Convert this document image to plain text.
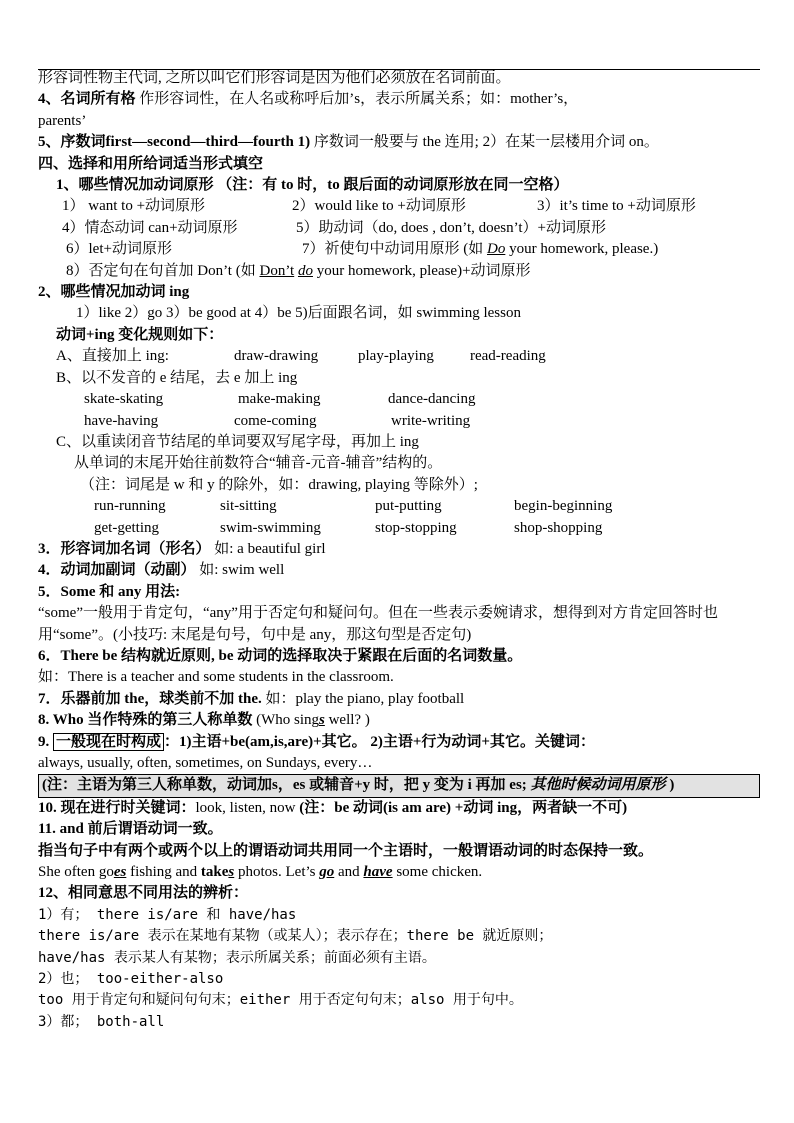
形容词性物主代词, 之所以叫它们形容词是因为他们必须放在名词前面。
4、名词所有格 作形容词性，在人名或称呼后加’s，表示所属关系；如：mother’s，
parents’
5、序数词first—second—third—fourth 1) 序数词一般要与 the 连用; 2）在某一层楼用介词 on。
四、选择和用所给词适当形式填空
1、哪些情况加动词原形 （注：有 to 时，to 跟后面的动词原形放在同一空格）
1） want to +动词原形	2）would like to +动词原形	3）it’s time to +动词原形
4）情态动词 can+动词原形	5）助动词（do, does , don’t, doesn’t）+动词原形
6）let+动词原形	7）祈使句中动词用原形 (如 Do your homework, please.)
8）否定句在句首加 Don’t (如 Don’t do your homework, please)+动词原形
2、哪些情况加动词 ing
1）like 2）go 3）be good at 4）be 5)后面跟名词，如 swimming lesson
动词+ing 变化规则如下：
A、直接加上 ing:	draw-drawing	play-playing read-reading
B、以不发音的 e 结尾，去 e 加上 ing
skate-skating	make-making	dance-dancing
have-having	come-coming	write-writing
C、以重读闭音节结尾的单词要双写尾字母，再加上 ing
从单词的末尾开始往前数符合“辅音-元音-辅音”结构的。
（注：词尾是 w 和 y 的除外，如：drawing, playing 等除外）;
run-running	sit-sitting	put-putting	begin-beginning
get-getting	swim-swimming	stop-stopping	shop-shopping
3．形容词加名词（形名） 如: a beautiful girl
4．动词加副词（动副） 如: swim well
5．Some 和 any 用法:
“some”一般用于肯定句，“any”用于否定句和疑问句。但在一些表示委婉请求，想得到对方肯定回答时也用“some”。(小技巧: 末尾是句号，句中是 any，那这句型是否定句)
6．There be 结构就近原则, be 动词的选择取决于紧跟在后面的名词数量。
如：There is a teacher and some students in the classroom.
7．乐器前加 the，球类前不加 the. 如：play the piano, play football
8. Who 当作特殊的第三人称单数 (Who sings well? )
9. 一般现在时构成 ：1)主语+be(am,is,are)+其它。 2)主语+行为动词+其它。关键词：
always, usually, often, sometimes, on Sundays, every…
(注：主语为第三人称单数，动词加s，es 或辅音+y 时，把 y 变为 i 再加 es; 其他时候动词用原形 )
10. 现在进行时关键词：look, listen, now (注：be 动词(is am are) +动词 ing，两者缺一不可)
11. and 前后谓语动词一致。
指当句子中有两个或两个以上的谓语动词共用同一个主语时，一般谓语动词的时态保持一致。
She often goes fishing and takes photos. Let’s go and have some chicken.
12、相同意思不同用法的辨析：
1）有； there is/are 和 have/has
there is/are 表示在某地有某物（或某人）；表示存在；there be 就近原则；
have/has 表示某人有某物；表示所属关系；前面必须有主语。
2）也； too-either-also
too 用于肯定句和疑问句句末；either 用于否定句句末；also 用于句中。
3）都； both-all
